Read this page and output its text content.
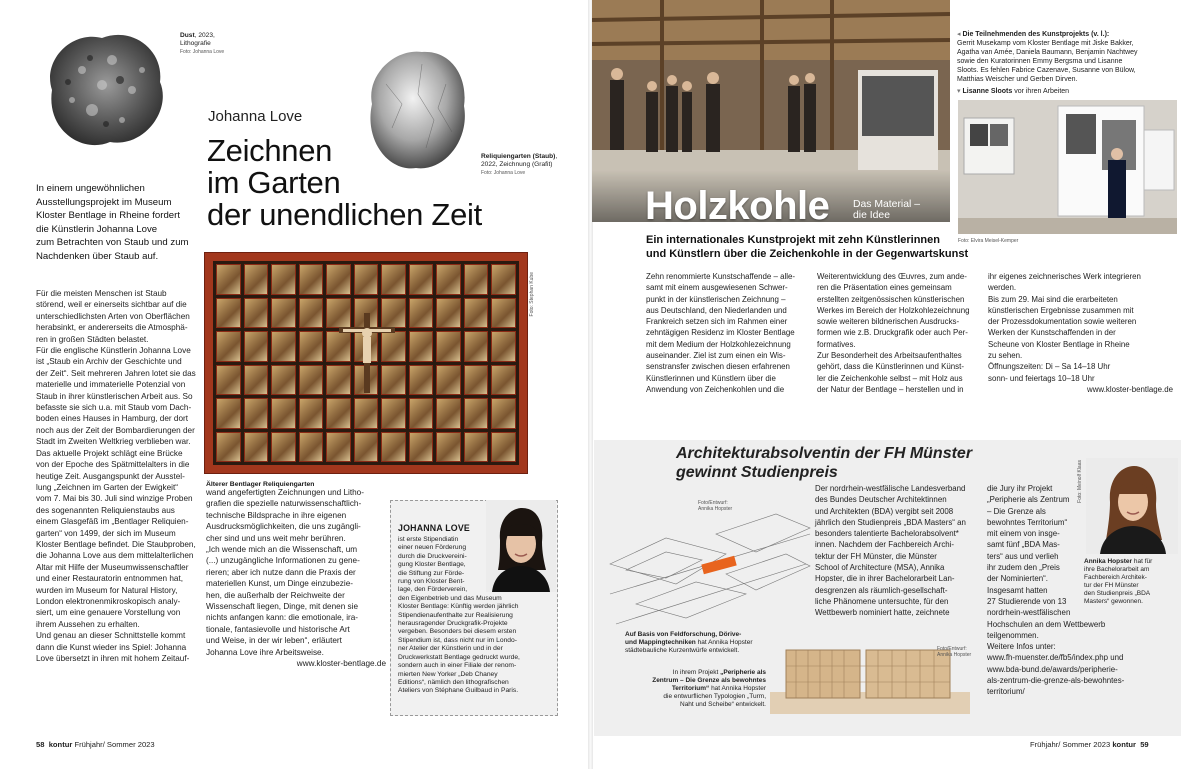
Dust, 2023,
Lithografie
Foto: Johanna Love
Reliquiengarten (Staub),
2022, Zeichnung (Grafit)
Foto: Johanna Love
Johanna Love
Zeichnen
im Garten
der unendlichen Zeit
In einem ungewöhnlichen
Ausstellungsprojekt im Museum
Kloster Bentlage in Rheine fordert
die Künstlerin Johanna Love
zum Betrachten von Staub und zum
Nachdenken über Staub auf.
Für die meisten Menschen ist Staub
störend, weil er einerseits sichtbar auf die
unterschiedlichsten Arten von Oberflächen
herabsinkt, er andererseits die Atmosphä-
ren in großen Städten belastet.
Für die englische Künstlerin Johanna Love
ist „Staub ein Archiv der Geschichte und
der Zeit“. Seit mehreren Jahren lotet sie das
materielle und immaterielle Potenzial von
Staub in ihrer künstlerischen Arbeit aus. So
befasste sie sich u.a. mit Staub vom Dach-
boden eines Hauses in Hamburg, der dort
noch aus der Zeit der Bombardierungen der
Stadt im Zweiten Weltkrieg verblieben war.
Das aktuelle Projekt schlägt eine Brücke
von der Epoche des Spätmittelalters in die
heutige Zeit. Ausgangspunkt der Ausstel-
lung „Zeichnen im Garten der Ewigkeit“
vom 7. Mai bis 30. Juli sind winzige Proben
des sogenannten Reliquienstaubs aus
einem Glasgefäß im „Bentlager Reliquien-
garten“ von 1499, der sich im Museum
Kloster Bentlage befindet. Die Staubproben,
die Johanna Love aus dem mittelalterlichen
Altar mit Hilfe der Museumwissenschaftler
und einer Restauratorin entnommen hat,
wurden im Museum for Natural History,
London elektronenmikroskopisch analy-
siert, um eine genauere Vorstellung von
ihrem Aussehen zu erhalten.
Und genau an dieser Schnittstelle kommt
dann die Kunst wieder ins Spiel: Johanna
Love übersetzt in ihren mit hohem Zeitauf-
Foto: Stephan Kube
Älterer Bentlager Reliquiengarten
wand angefertigten Zeichnungen und Litho-
grafien die spezielle naturwissenschaftlich-
technische Bildsprache in ihre eigenen
Ausdrucksmöglichkeiten, die uns zugängli-
cher sind und uns weit mehr berühren.
„Ich wende mich an die Wissenschaft, um
(...) unzugängliche Informationen zu gene-
rieren; aber ich nutze dann die Praxis der
materiellen Kunst, um Dinge einzubezie-
hen, die außerhalb der Reichweite der
Wissenschaft liegen, Dinge, mit denen sie
nichts anfangen kann: die emotionale, ira-
tionale, fantasievolle und historische Art
und Weise, in der wir leben“, erläutert
Johanna Love ihre Arbeitsweise.
www.kloster-bentlage.de
JOHANNA LOVE
ist erste Stipendiatin
einer neuen Förderung
durch die Druckvereini-
gung Kloster Bentlage,
die Stiftung zur Förde-
rung von Kloster Bent-
lage, den Förderverein,
den Eigenbetrieb und das Museum
Kloster Bentlage: Künftig werden jährlich
Stipendienaufenthalte zur Realisierung
herausragender Druckgrafik-Projekte
vergeben. Besonders bei diesem ersten
Stipendium ist, dass nicht nur im Londo-
ner Atelier der Künstlerin und in der
Druckwerkstatt Bentlage gedruckt wurde,
sondern auch in einer Filiale der renom-
mierten New Yorker „Deb Chaney
Editions“, nämlich den lithografischen
Ateliers von Stéphane Guilbaud in Paris.
58 kontur Frühjahr/ Sommer 2023
Holzkohle Das Material –
die Idee
◂ Die Teilnehmenden des Kunstprojekts (v. l.):
Gerrit Musekamp vom Kloster Bentlage mit Jiske Bakker,
Agatha van Amée, Daniela Baumann, Benjamin Nachtwey
sowie den Kuratorinnen Emmy Bergsma und Lisanne
Sloots. Es fehlen Fabrice Cazenave, Susanne von Bülow,
Matthias Weischer und Gerben Dirven.
▾ Lisanne Sloots vor ihren Arbeiten
Foto: Elvira Meisel-Kemper
Ein internationales Kunstprojekt mit zehn Künstlerinnen
und Künstlern über die Zeichenkohle in der Gegenwartskunst
Zehn renommierte Kunstschaffende – alle-
samt mit einem ausgewiesenen Schwer-
punkt in der künstlerischen Zeichnung –
aus Deutschland, den Niederlanden und
Frankreich setzen sich im Rahmen einer
zehntägigen Residenz im Kloster Bentlage
mit dem Medium der Holzkohlezeichnung
auseinander. Ziel ist zum einen ein Wis-
senstransfer zwischen diesen erfahrenen
Künstlerinnen und Künstlern über die
Anwendung von Zeichenkohlen und die
Weiterentwicklung des Œuvres, zum ande-
ren die Präsentation eines gemeinsam
erstellten zeitgenössischen künstlerischen
Werkes im Bereich der Holzkohlezeichnung
sowie weiteren bildnerischen Ausdrucks-
formen wie z.B. Druckgrafik oder auch Per-
formatives.
Zur Besonderheit des Arbeitsaufenthaltes
gehört, dass die Künstlerinnen und Künst-
ler die Zeichenkohle selbst – mit Holz aus
der Natur der Bentlage – herstellen und in
ihr eigenes zeichnerisches Werk integrieren
werden.
Bis zum 29. Mai sind die erarbeiteten
künstlerischen Ergebnisse zusammen mit
der Prozessdokumentation sowie weiteren
Werken der Kunstschaffenden in der
Scheune von Kloster Bentlage in Rheine
zu sehen.
Öffnungszeiten: Di – Sa 14–18 Uhr
sonn- und feiertags 10–18 Uhr
www.kloster-bentlage.de
Architekturabsolventin der FH Münster
gewinnt Studienpreis
Foto/Entwurf:
Annika Hopster
Auf Basis von Feldforschung, Dörive-
und Mappingtechniken hat Annika Hopster
städtebauliche Kurzentwürfe entwickelt.	Foto/Entwurf:
Annika Hopster
In ihrem Projekt „Peripherie als
Zentrum – Die Grenze als bewohntes
Territorium“ hat Annika Hopster
die entwurflichen Typologien „Turm,
Naht und Scheibe“ entwickelt.
Der nordrhein-westfälische Landesverband
des Bundes Deutscher Architektinnen
und Architekten (BDA) vergibt seit 2008
jährlich den Studienpreis „BDA Masters“ an
besonders talentierte Bachelorabsolvent*
innen. Nachdem der Fachbereich Archi-
tektur der FH Münster, die Münster
School of Architecture (MSA), Annika
Hopster, die in ihrer Bachelorarbeit Lan-
desgrenzen als räumlich-gesellschaft-
liche Phänomene untersuchte, für den
Wettbewerb nominiert hatte, zeichnete
die Jury ihr Projekt
„Peripherie als Zentrum
– Die Grenze als
bewohntes Territorium“
mit einem von insge-
samt fünf „BDA Mas-
ters“ aus und verlieh
ihr zudem den „Preis
der Nominierten“.
Insgesamt hatten
27 Studierende von 13
nordrhein-westfälischen
Hochschulen an dem Wettbewerb
teilgenommen.
Weitere Infos unter:
www.fh-muenster.de/fb5/index.php und
www.bda-bund.de/awards/peripherie-
als-zentrum-die-grenze-als-bewohntes-
territorium/
Foto: Meinolf Klaas
Annika Hopster hat für
ihre Bachelorarbeit am
Fachbereich Architek-
tur der FH Münster
den Studienpreis „BDA
Masters“ gewonnen.
Frühjahr/ Sommer 2023 kontur 59
